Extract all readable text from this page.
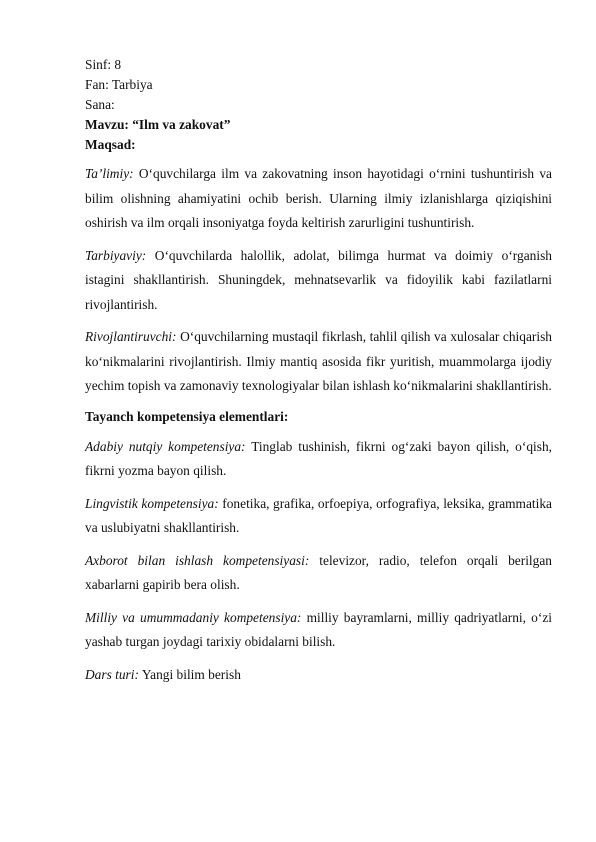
Sinf: 8
Fan: Tarbiya
Sana:
Mavzu: “Ilm va zakovat”
Maqsad:
Ta’limiy: O‘quvchilarga ilm va zakovatning inson hayotidagi o‘rnini tushuntirish va bilim olishning ahamiyatini ochib berish. Ularning ilmiy izlanishlarga qiziqishini oshirish va ilm orqali insoniyatga foyda keltirish zarurligini tushuntirish.
Tarbiyaviy: O‘quvchilarda halollik, adolat, bilimga hurmat va doimiy o‘rganish istagini shakllantirish. Shuningdek, mehnatsevarlik va fidoyilik kabi fazilatlarni rivojlantirish.
Rivojlantiruvchi: O‘quvchilarning mustaqil fikrlash, tahlil qilish va xulosalar chiqarish ko‘nikmalarini rivojlantirish. Ilmiy mantiq asosida fikr yuritish, muammolarga ijodiy yechim topish va zamonaviy texnologiyalar bilan ishlash ko‘nikmalarini shakllantirish.
Tayanch kompetensiya elementlari:
Adabiy nutqiy kompetensiya: Tinglab tushinish, fikrni og‘zaki bayon qilish, o‘qish, fikrni yozma bayon qilish.
Lingvistik kompetensiya: fonetika, grafika, orfoepiya, orfografiya, leksika, grammatika va uslubiyatni shakllantirish.
Axborot bilan ishlash kompetensiyasi: televizor, radio, telefon orqali berilgan xabarlarni gapirib bera olish.
Milliy va umummadaniy kompetensiya: milliy bayramlarni, milliy qadriyatlarni, o‘zi yashab turgan joydagi tarixiy obidalarni bilish.
Dars turi: Yangi bilim berish
